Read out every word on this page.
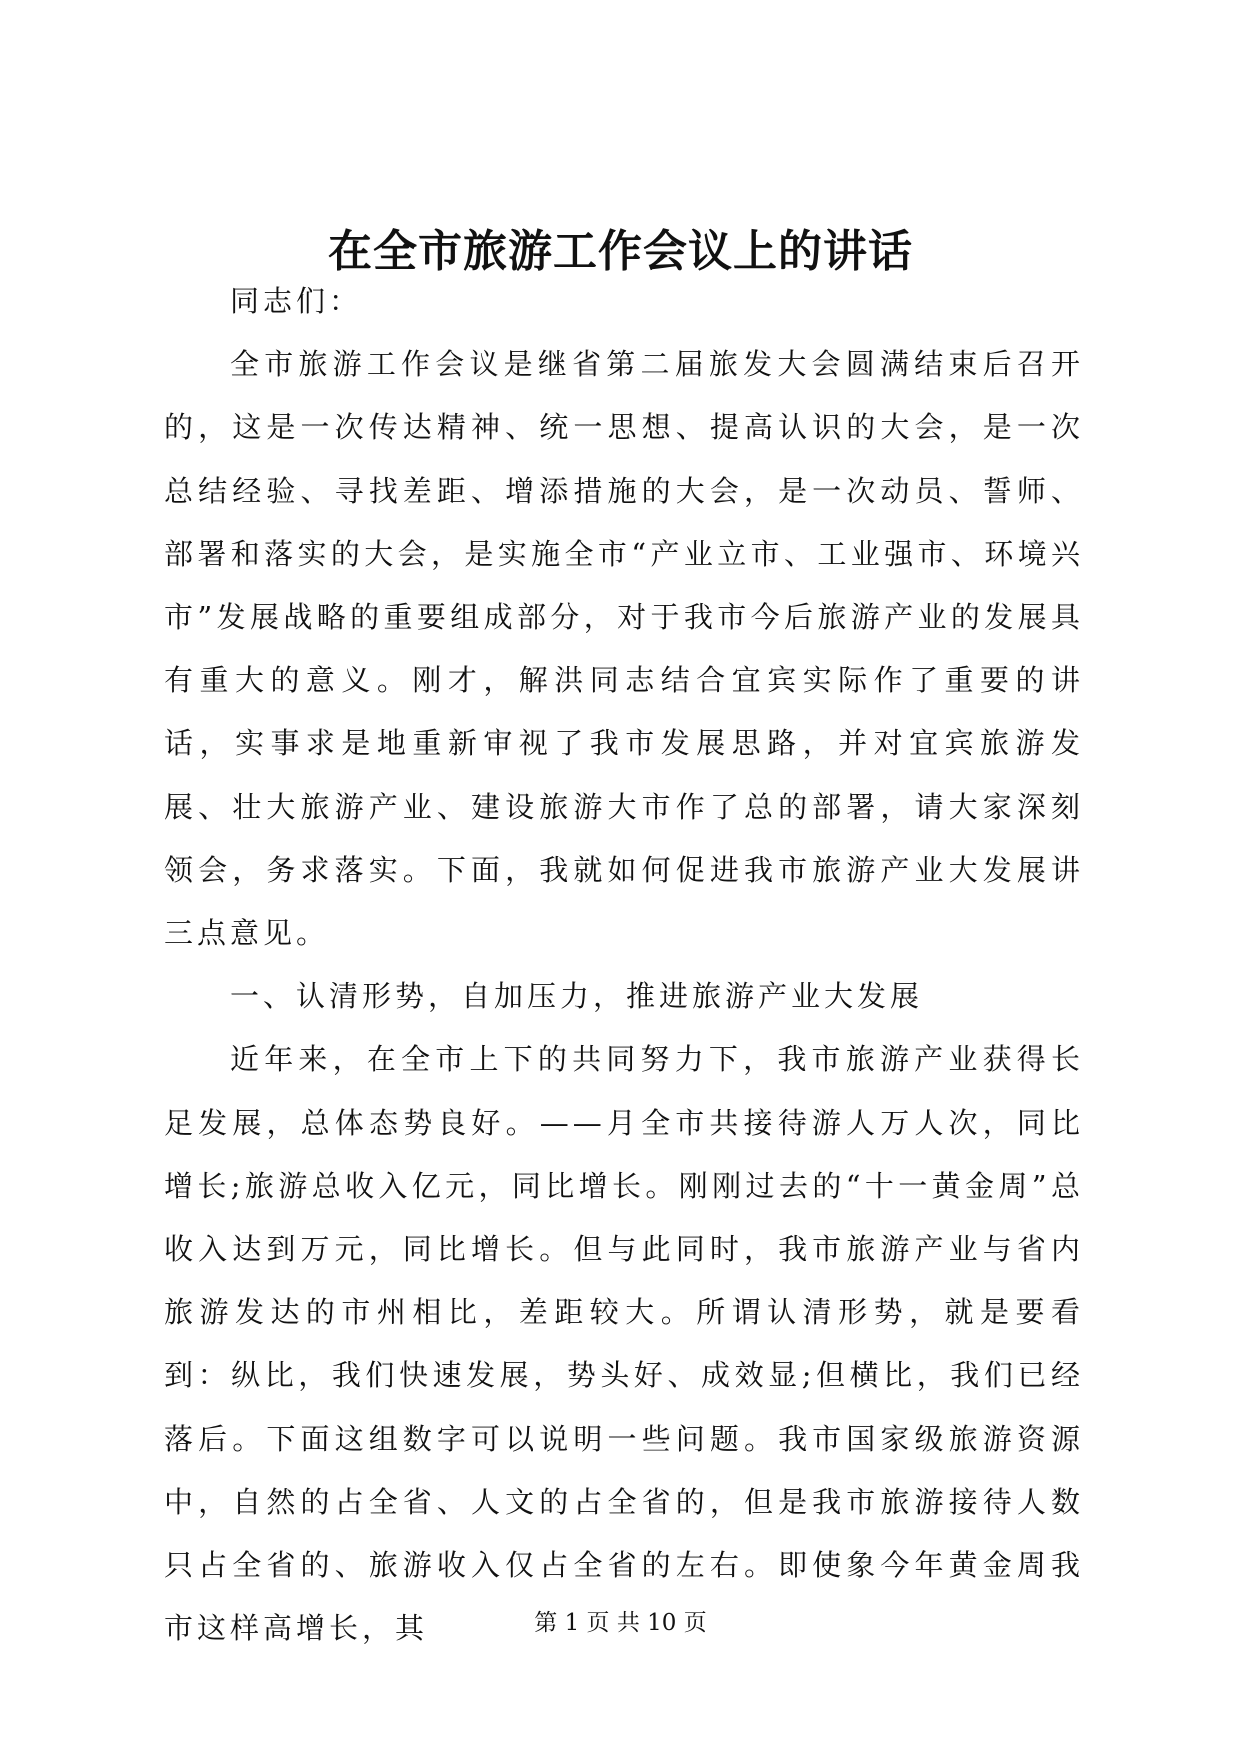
在全市旅游工作会议上的讲话

同志们：

全市旅游工作会议是继省第二届旅发大会圆满结束后召开的，这是一次传达精神、统一思想、提高认识的大会，是一次总结经验、寻找差距、增添措施的大会，是一次动员、誓师、部署和落实的大会，是实施全市“产业立市、工业强市、环境兴市”发展战略的重要组成部分，对于我市今后旅游产业的发展具有重大的意义。刚才，解洪同志结合宜宾实际作了重要的讲话，实事求是地重新审视了我市发展思路，并对宜宾旅游发展、壮大旅游产业、建设旅游大市作了总的部署，请大家深刻领会，务求落实。下面，我就如何促进我市旅游产业大发展讲三点意见。

一、认清形势，自加压力，推进旅游产业大发展

近年来，在全市上下的共同努力下，我市旅游产业获得长足发展，总体态势良好。——月全市共接待游人万人次，同比增长;旅游总收入亿元，同比增长。刚刚过去的“十一黄金周”总收入达到万元，同比增长。但与此同时，我市旅游产业与省内旅游发达的市州相比，差距较大。所谓认清形势，就是要看到：纵比，我们快速发展，势头好、成效显;但横比，我们已经落后。下面这组数字可以说明一些问题。我市国家级旅游资源中，自然的占全省、人文的占全省的，但是我市旅游接待人数只占全省的、旅游收入仅占全省的左右。即使象今年黄金周我市这样高增长，其	第 1 页 共 10 页
